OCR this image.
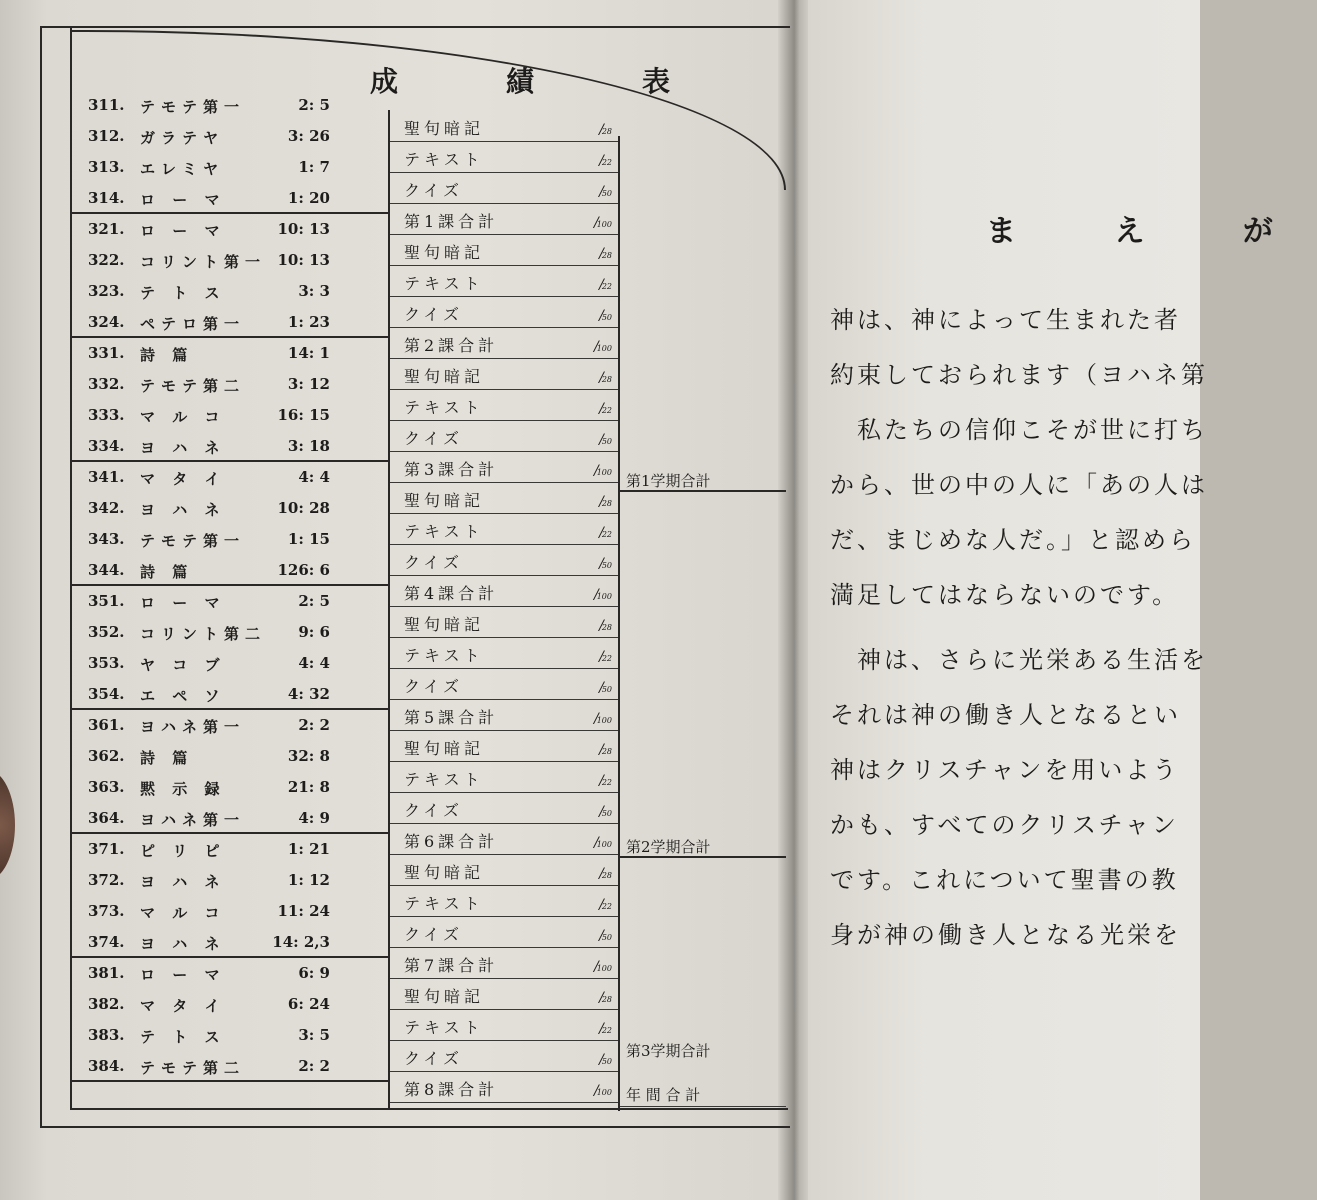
成　績　表
311. テモテ第一	2: 5
312. ガラテヤ	3: 26
313. エレミヤ	1: 7
314. ロ ー マ	1: 20
聖句暗記	/ 28
テキスト	/ 22
クイズ	/ 50
第1課合計	/ 100
321. ロ ー マ	10: 13
322. コリント第一 10: 13
323. テ ト ス	3: 3
324. ペテロ第一	1: 23
聖句暗記	/ 28
テキスト	/ 22
クイズ	/ 50
第2課合計	/ 100
331. 詩 篇	14: 1
332. テモテ第二	3: 12
333. マ ル コ	16: 15
334. ヨ ハ ネ	3: 18
聖句暗記	/ 28
テキスト	/ 22
クイズ	/ 50
第3課合計	/ 100
341. マ タ イ	4: 4
342. ヨ ハ ネ	10: 28
343. テモテ第一	1: 15
344. 詩 篇	126: 6
聖句暗記	/ 28
テキスト	/ 22
クイズ	/ 50
第4課合計	/ 100
351. ロ ー マ	2: 5
352. コリント第二 9: 6
353. ヤ コ ブ	4: 4
354. エ ペ ソ	4: 32
聖句暗記	/ 28
テキスト	/ 22
クイズ	/ 50
第5課合計	/ 100
361. ヨハネ第一	2: 2
362. 詩 篇	32: 8
363. 黙 示 録	21: 8
364. ヨハネ第一	4: 9
聖句暗記	/ 28
テキスト	/ 22
クイズ	/ 50
第6課合計	/ 100
371. ピ リ ピ	1: 21
372. ヨ ハ ネ	1: 12
373. マ ル コ	11: 24
374. ヨ ハ ネ	14: 2,3
聖句暗記	/ 28
テキスト	/ 22
クイズ	/ 50
第7課合計	/ 100
381. ロ ー マ	6: 9
382. マ タ イ	6: 24
383. テ ト ス	3: 5
384. テモテ第二	2: 2
聖句暗記	/ 28
テキスト	/ 22
クイズ	/ 50
第8課合計	/ 100
第1学期合計
第2学期合計
第3学期合計
年 間 合 計
ま え が
神は、神によって生まれた者
約束しておられます（ヨハネ第
　私たちの信仰こそが世に打ち
から、世の中の人に「あの人は
だ、まじめな人だ。」と認めら
満足してはならないのです。
　神は、さらに光栄ある生活を
それは神の働き人となるとい
神はクリスチャンを用いよう
かも、すべてのクリスチャン
です。これについて聖書の教
身が神の働き人となる光栄を
